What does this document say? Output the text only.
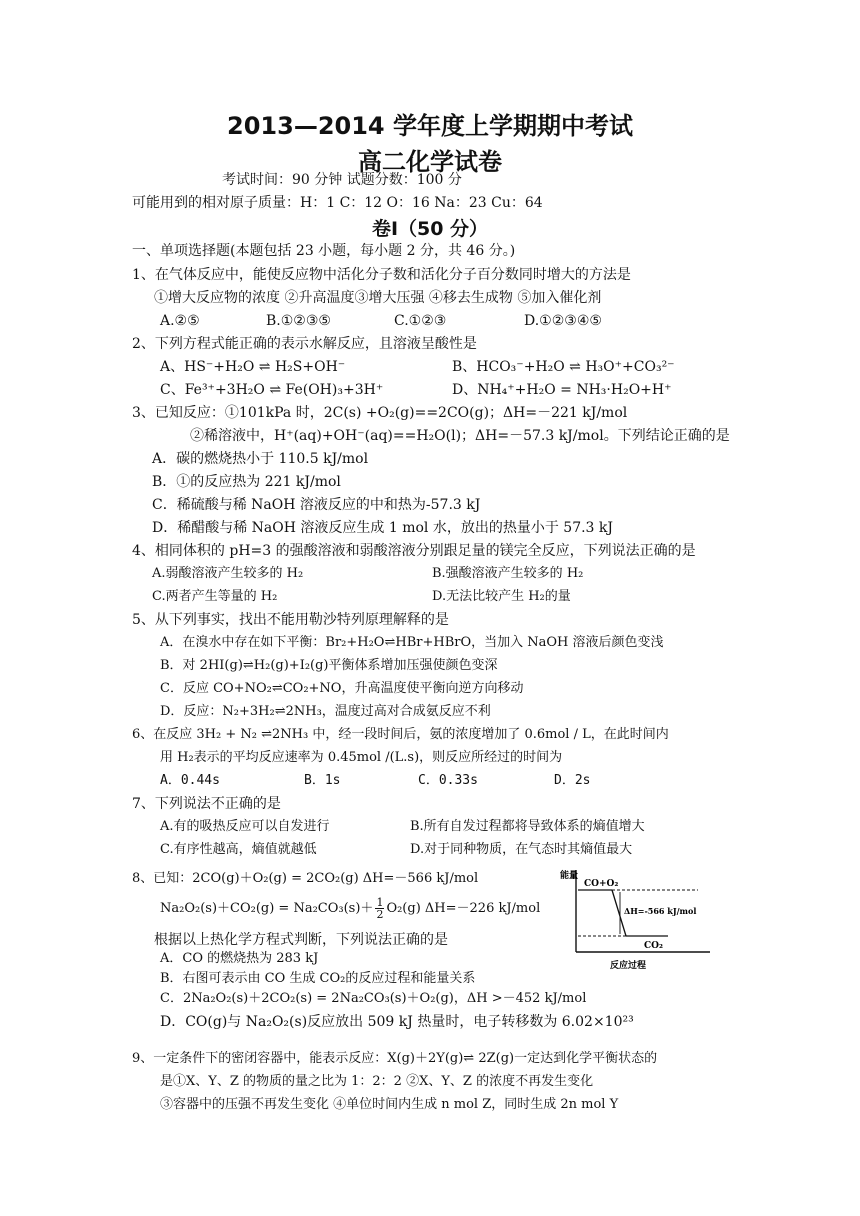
2013—2014 学年度上学期期中考试
高二化学试卷
考试时间：90 分钟 试题分数：100 分
可能用到的相对原子质量：H：1 C：12 O：16 Na：23 Cu：64
卷Ⅰ（50 分）
一、单项选择题(本题包括 23 小题，每小题 2 分，共 46 分。)
1、在气体反应中，能使反应物中活化分子数和活化分子百分数同时增大的方法是
①增大反应物的浓度 ②升高温度③增大压强 ④移去生成物 ⑤加入催化剂
A.②⑤	B.①②③⑤	C.①②③	D.①②③④⑤
2、下列方程式能正确的表示水解反应，且溶液呈酸性是
A、HS⁻+H₂O ⇌ H₂S+OH⁻	B、HCO₃⁻+H₂O ⇌ H₃O⁺+CO₃²⁻
C、Fe³⁺+3H₂O ⇌ Fe(OH)₃+3H⁺	D、NH₄⁺+H₂O = NH₃·H₂O+H⁺
3、已知反应：①101kPa 时，2C(s) +O₂(g)==2CO(g)；ΔH=－221 kJ/mol
②稀溶液中，H⁺(aq)+OH⁻(aq)==H₂O(l)；ΔH=－57.3 kJ/mol。下列结论正确的是
A．碳的燃烧热小于 110.5 kJ/mol
B．①的反应热为 221 kJ/mol
C．稀硫酸与稀 NaOH 溶液反应的中和热为-57.3 kJ
D．稀醋酸与稀 NaOH 溶液反应生成 1 mol 水，放出的热量小于 57.3 kJ
4、相同体积的 pH=3 的强酸溶液和弱酸溶液分别跟足量的镁完全反应，下列说法正确的是
A.弱酸溶液产生较多的 H₂	B.强酸溶液产生较多的 H₂
C.两者产生等量的 H₂	D.无法比较产生 H₂的量
5、从下列事实，找出不能用勒沙特列原理解释的是
A．在溴水中存在如下平衡：Br₂+H₂O⇌HBr+HBrO，当加入 NaOH 溶液后颜色变浅
B．对 2HI(g)⇌H₂(g)+I₂(g)平衡体系增加压强使颜色变深
C．反应 CO+NO₂⇌CO₂+NO，升高温度使平衡向逆方向移动
D．反应：N₂+3H₂⇌2NH₃，温度过高对合成氨反应不利
6、在反应 3H₂ + N₂ ⇌2NH₃ 中，经一段时间后，氨的浓度增加了 0.6mol / L，在此时间内
用 H₂表示的平均反应速率为 0.45mol /(L.s)，则反应所经过的时间为
A．0.44s	B．1s	C．0.33s	D．2s
7、下列说法不正确的是
A.有的吸热反应可以自发进行	B.所有自发过程都将导致体系的熵值增大
C.有序性越高，熵值就越低	D.对于同种物质，在气态时其熵值最大
8、已知：2CO(g)＋O₂(g) = 2CO₂(g) ΔH=－566 kJ/mol
$Na_2O_2(s)+CO_2(g) = Na_2CO_3(s)+ \frac{1}{2} O_2(g)$ ΔH=－226 kJ/mol
根据以上热化学方程式判断，下列说法正确的是
A．CO 的燃烧热为 283 kJ
B．右图可表示由 CO 生成 CO₂的反应过程和能量关系
C．2Na₂O₂(s)＋2CO₂(s) = 2Na₂CO₃(s)＋O₂(g)，ΔH >－452 kJ/mol
D．CO(g)与 Na₂O₂(s)反应放出 509 kJ 热量时，电子转移数为 6.02×10²³
能量
CO+O₂
ΔH=-566 kJ/mol
CO₂
反应过程
9、一定条件下的密闭容器中，能表示反应：X(g)＋2Y(g)⇌ 2Z(g)一定达到化学平衡状态的
是①X、Y、Z 的物质的量之比为 1：2：2 ②X、Y、Z 的浓度不再发生变化
③容器中的压强不再发生变化 ④单位时间内生成 n mol Z，同时生成 2n mol Y
